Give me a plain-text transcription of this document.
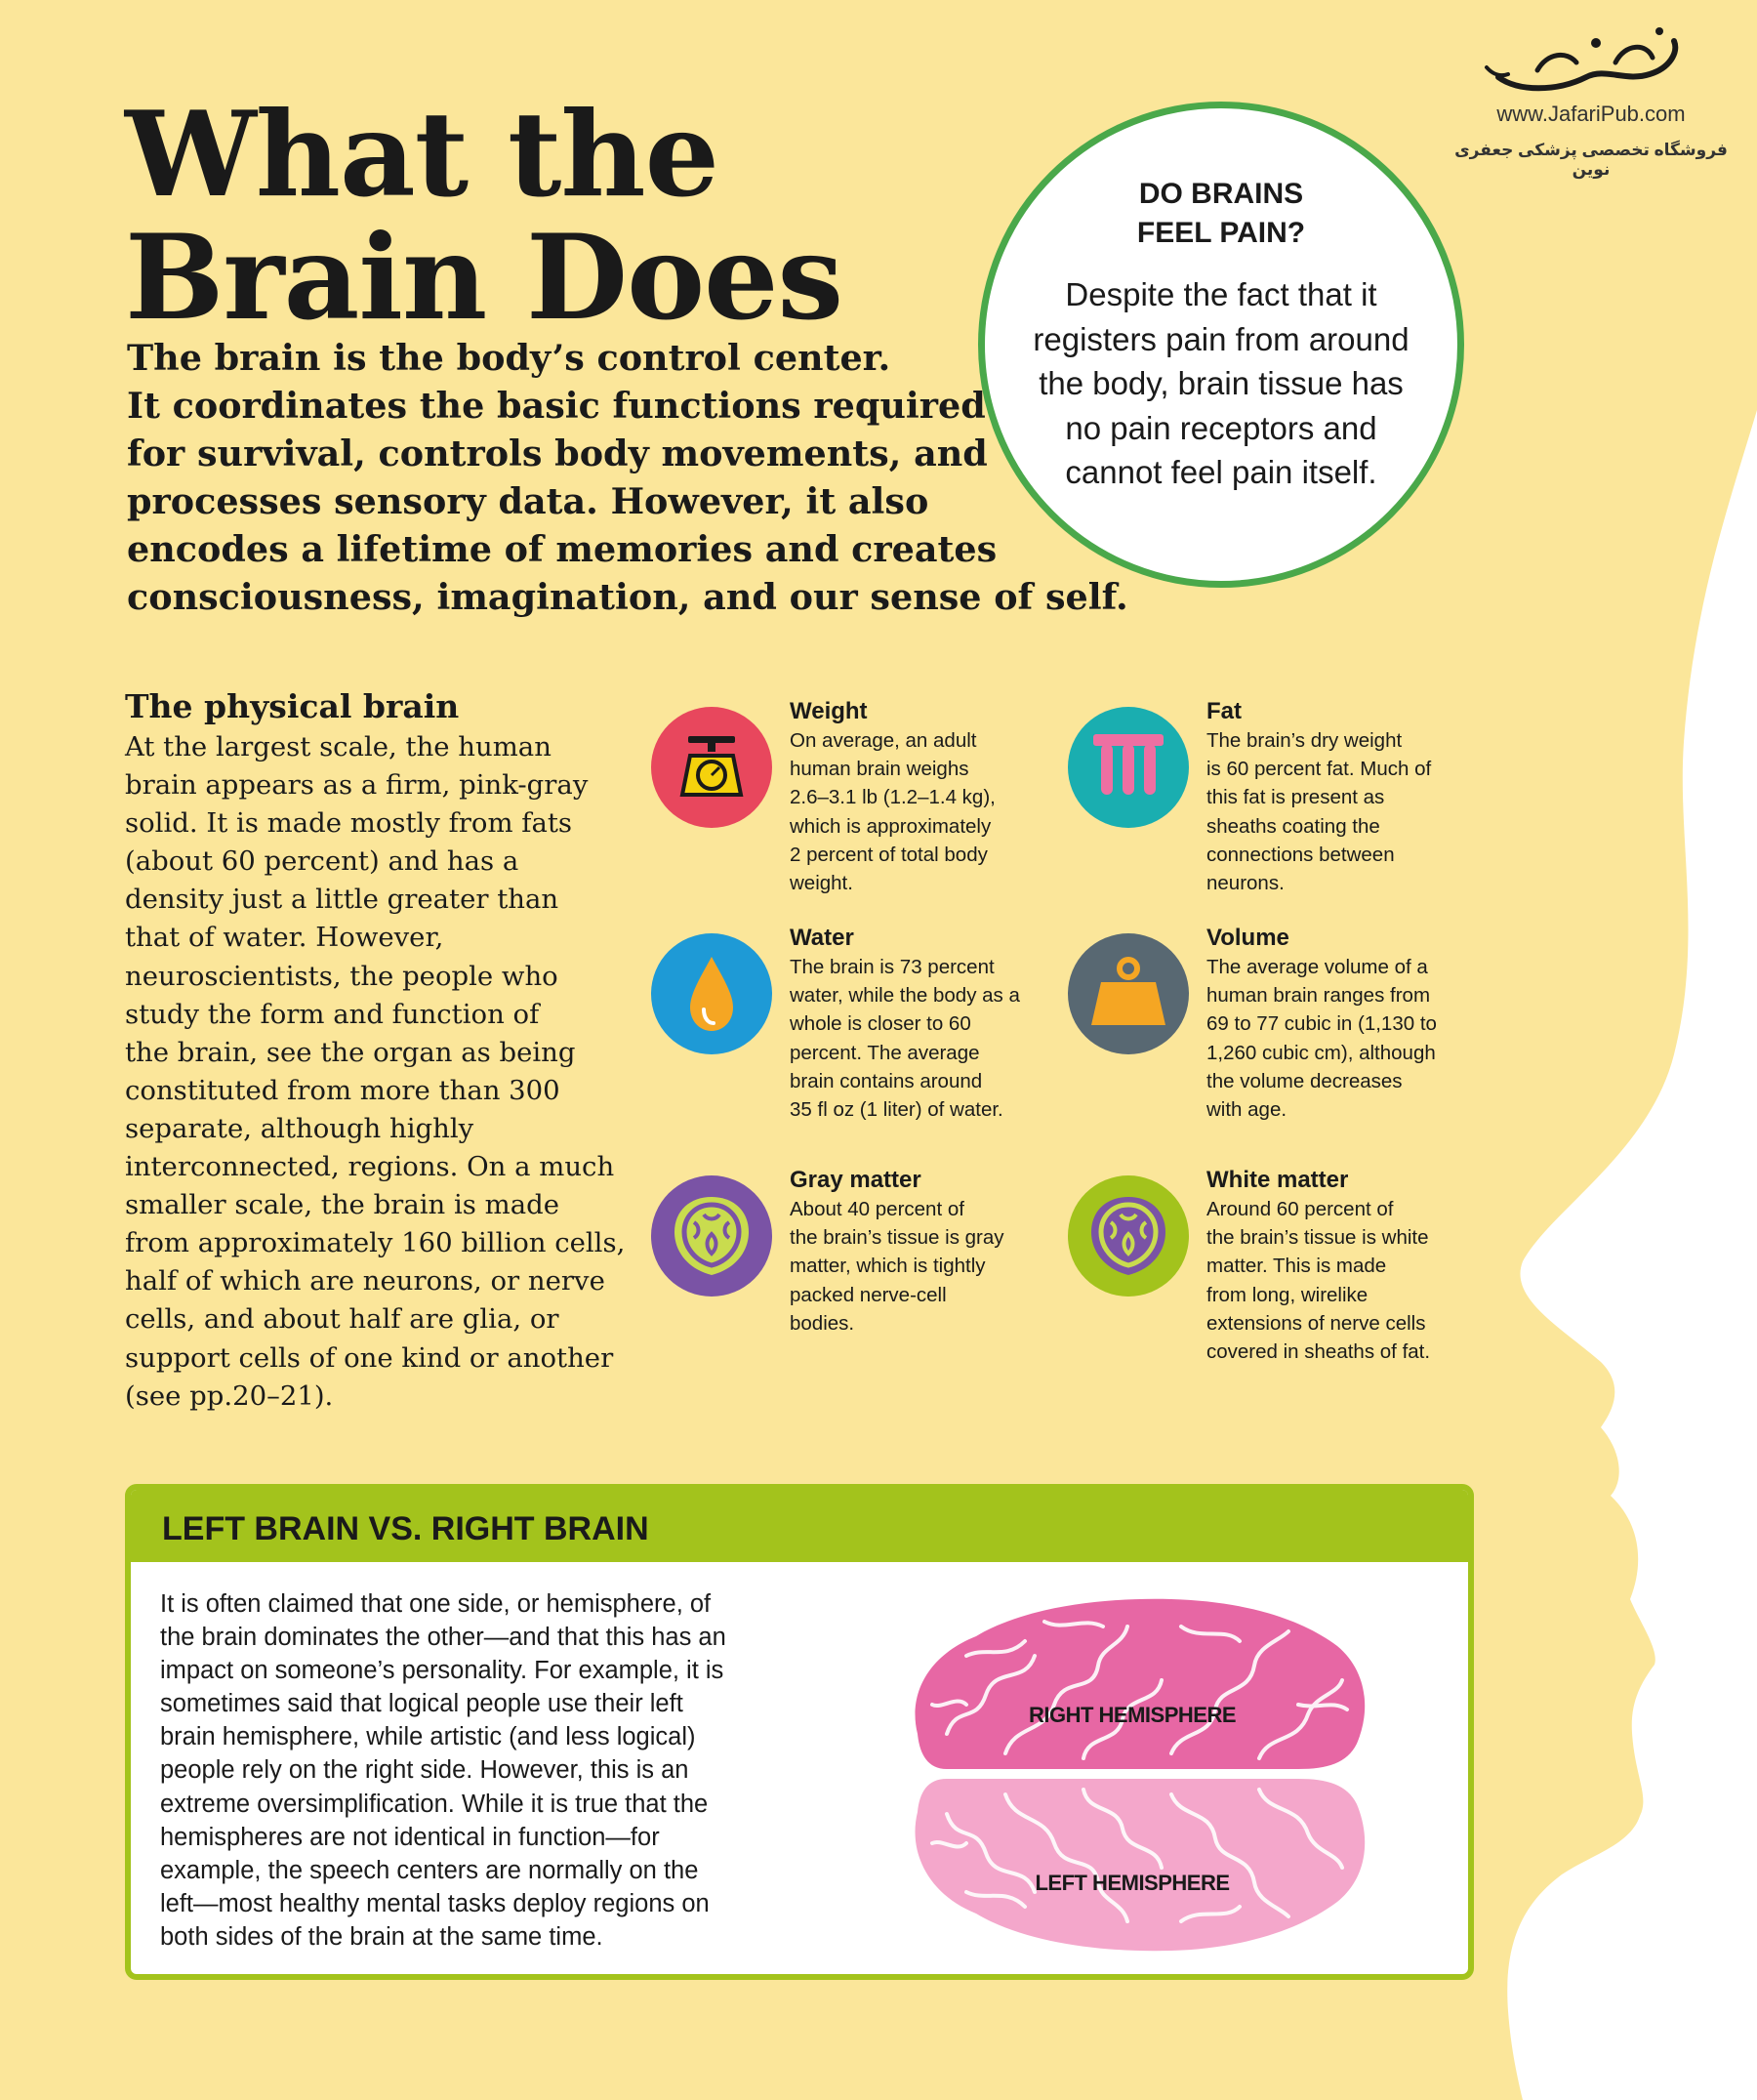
www.JafariPub.com
فروشگاه تخصصی پزشکی جعفری نوین
What the
Brain Does
The brain is the body’s control center.
It coordinates the basic functions required
for survival, controls body movements, and
processes sensory data. However, it also
encodes a lifetime of memories and creates
consciousness, imagination, and our sense of self.
DO BRAINS
FEEL PAIN?
Despite the fact that it
registers pain from around
the body, brain tissue has
no pain receptors and
cannot feel pain itself.
The physical brain
At the largest scale, the human
brain appears as a firm, pink-gray
solid. It is made mostly from fats
(about 60 percent) and has a
density just a little greater than
that of water. However,
neuroscientists, the people who
study the form and function of
the brain, see the organ as being
constituted from more than 300
separate, although highly
interconnected, regions. On a much
smaller scale, the brain is made
from approximately 160 billion cells,
half of which are neurons, or nerve
cells, and about half are glia, or
support cells of one kind or another
(see pp.20–21).
Weight
On average, an adult
human brain weighs
2.6–3.1 lb (1.2–1.4 kg),
which is approximately
2 percent of total body
weight.
Fat
The brain’s dry weight
is 60 percent fat. Much of
this fat is present as
sheaths coating the
connections between
neurons.
Water
The brain is 73 percent
water, while the body as a
whole is closer to 60
percent. The average
brain contains around
35 fl oz (1 liter) of water.
Volume
The average volume of a
human brain ranges from
69 to 77 cubic in (1,130 to
1,260 cubic cm), although
the volume decreases
with age.
Gray matter
About 40 percent of
the brain’s tissue is gray
matter, which is tightly
packed nerve-cell
bodies.
White matter
Around 60 percent of
the brain’s tissue is white
matter. This is made
from long, wirelike
extensions of nerve cells
covered in sheaths of fat.
LEFT BRAIN VS. RIGHT BRAIN
It is often claimed that one side, or hemisphere, of
the brain dominates the other—and that this has an
impact on someone’s personality. For example, it is
sometimes said that logical people use their left
brain hemisphere, while artistic (and less logical)
people rely on the right side. However, this is an
extreme oversimplification. While it is true that the
hemispheres are not identical in function—for
example, the speech centers are normally on the
left—most healthy mental tasks deploy regions on
both sides of the brain at the same time.
RIGHT HEMISPHERE
LEFT HEMISPHERE
